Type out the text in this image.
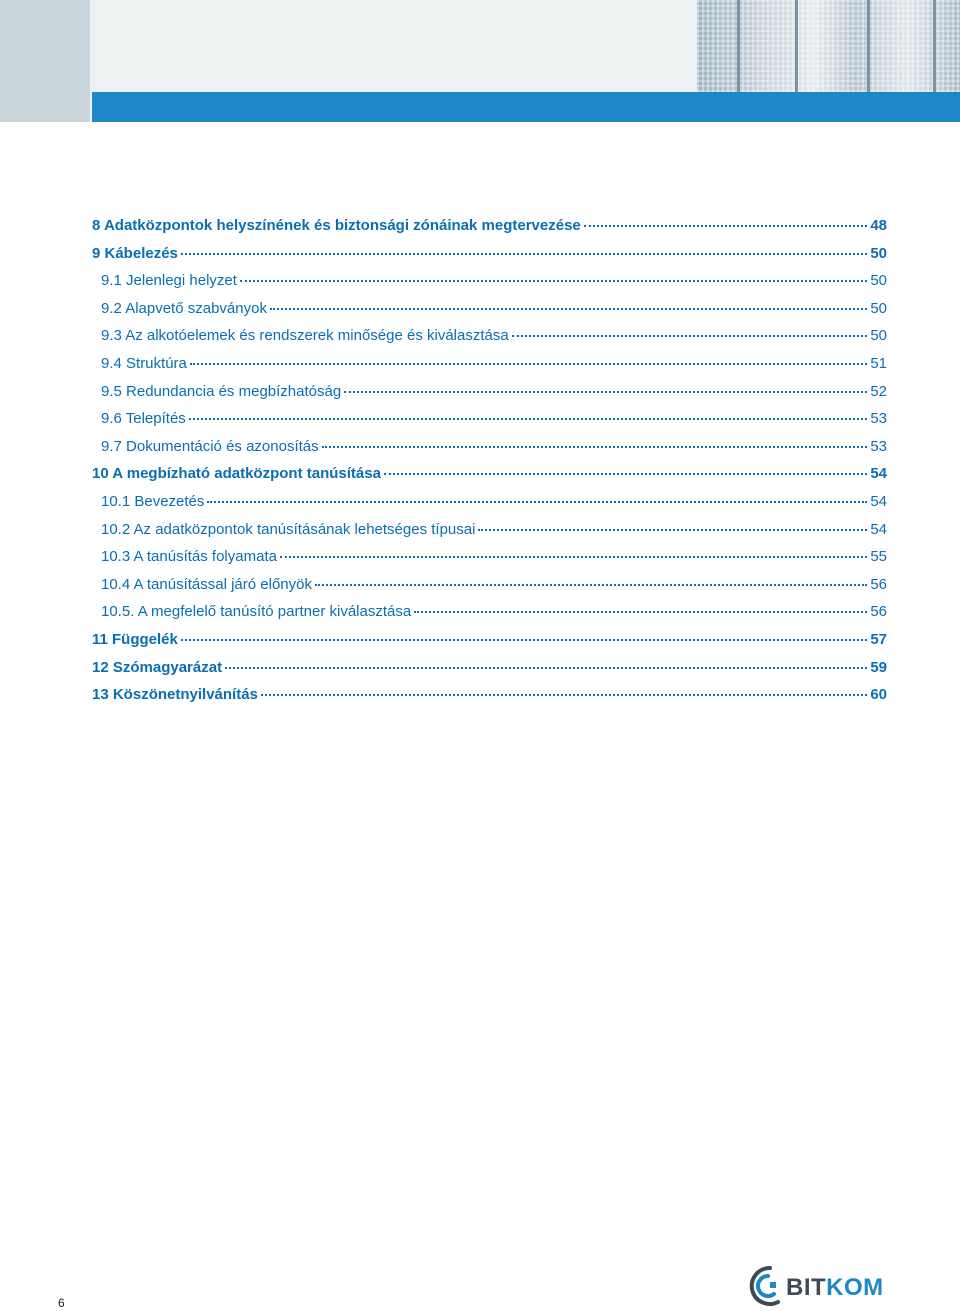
8 Adatközpontok helyszínének és biztonsági zónáinak megtervezése	48
9 Kábelezés	50
9.1 Jelenlegi helyzet	50
9.2 Alapvető szabványok	50
9.3 Az alkotóelemek és rendszerek minősége és kiválasztása	50
9.4 Struktúra	51
9.5 Redundancia és megbízhatóság	52
9.6 Telepítés	53
9.7 Dokumentáció és azonosítás	53
10 A megbízható adatközpont tanúsítása	54
10.1 Bevezetés	54
10.2 Az adatközpontok tanúsításának lehetséges típusai	54
10.3 A tanúsítás folyamata	55
10.4 A tanúsítással járó előnyök	56
10.5. A megfelelő tanúsító partner kiválasztása	56
11 Függelék	57
12 Szómagyarázat	59
13 Köszönetnyilvánítás	60
6
BITKOM
